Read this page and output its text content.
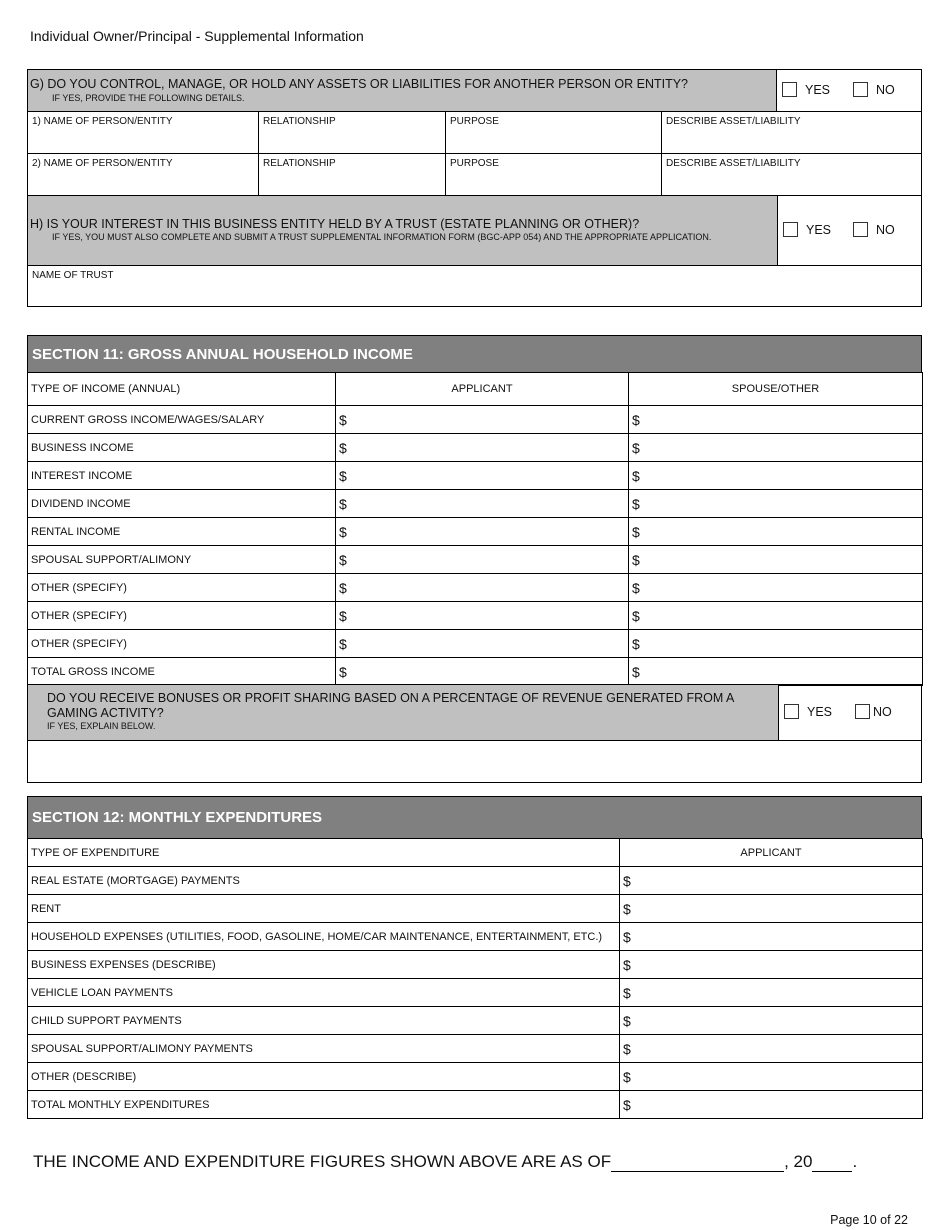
Individual Owner/Principal - Supplemental Information
G) DO YOU CONTROL, MANAGE, OR HOLD ANY ASSETS OR LIABILITIES FOR ANOTHER PERSON OR ENTITY?
IF YES, PROVIDE THE FOLLOWING DETAILS.
YES	NO
1) NAME OF PERSON/ENTITY	RELATIONSHIP	PURPOSE	DESCRIBE ASSET/LIABILITY
2) NAME OF PERSON/ENTITY	RELATIONSHIP	PURPOSE	DESCRIBE ASSET/LIABILITY
H) IS YOUR INTEREST IN THIS BUSINESS ENTITY HELD BY A TRUST (ESTATE PLANNING OR OTHER)?
IF YES, YOU MUST ALSO COMPLETE AND SUBMIT A TRUST SUPPLEMENTAL INFORMATION FORM (BGC-APP 054) AND THE APPROPRIATE APPLICATION.
YES	NO
NAME OF TRUST
SECTION 11: GROSS ANNUAL HOUSEHOLD INCOME
TYPE OF INCOME (ANNUAL)	APPLICANT	SPOUSE/OTHER
CURRENT GROSS INCOME/WAGES/SALARY	$	$
BUSINESS INCOME	$	$
INTEREST INCOME	$	$
DIVIDEND INCOME	$	$
RENTAL INCOME	$	$
SPOUSAL SUPPORT/ALIMONY	$	$
OTHER (SPECIFY)	$	$
OTHER (SPECIFY)	$	$
OTHER (SPECIFY)	$	$
TOTAL GROSS INCOME	$	$
DO YOU RECEIVE BONUSES OR PROFIT SHARING BASED ON A PERCENTAGE OF REVENUE GENERATED FROM A GAMING ACTIVITY?
IF YES, EXPLAIN BELOW.
YES	NO
SECTION 12: MONTHLY EXPENDITURES
TYPE OF EXPENDITURE	APPLICANT
REAL ESTATE (MORTGAGE) PAYMENTS	$
RENT	$
HOUSEHOLD EXPENSES (UTILITIES, FOOD, GASOLINE, HOME/CAR MAINTENANCE, ENTERTAINMENT, ETC.)	$
BUSINESS EXPENSES (DESCRIBE)	$
VEHICLE LOAN PAYMENTS	$
CHILD SUPPORT PAYMENTS	$
SPOUSAL SUPPORT/ALIMONY PAYMENTS	$
OTHER (DESCRIBE)	$
TOTAL MONTHLY EXPENDITURES	$
THE INCOME AND EXPENDITURE FIGURES SHOWN ABOVE ARE AS OF	, 20 .
Page 10 of 22
